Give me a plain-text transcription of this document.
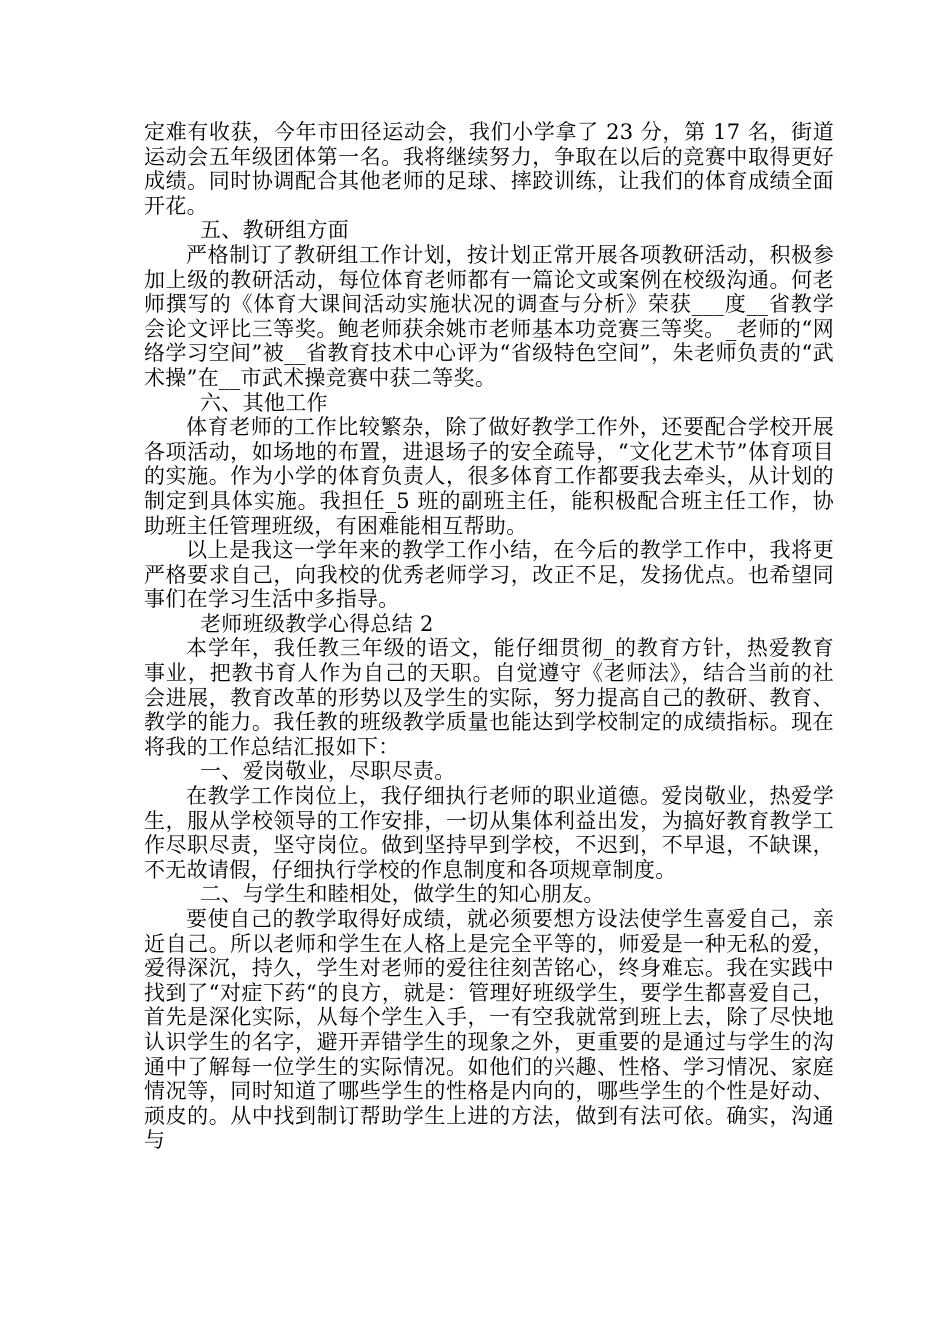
定难有收获，今年市田径运动会，我们小学拿了 23 分，第 17 名，街道运动会五年级团体第一名。我将继续努力，争取在以后的竞赛中取得更好成绩。同时协调配合其他老师的足球、摔跤训练，让我们的体育成绩全面开花。

五、教研组方面

严格制订了教研组工作计划，按计划正常开展各项教研活动，积极参加上级的教研活动，每位体育老师都有一篇论文或案例在校级沟通。何老师撰写的《体育大课间活动实施状况的调查与分析》荣获___度__省教学会论文评比三等奖。鲍老师获余姚市老师基本功竞赛三等奖。_老师的“网络学习空间”被__省教育技术中心评为“省级特色空间”，朱老师负责的“武术操”在__市武术操竞赛中获二等奖。

六、其他工作

体育老师的工作比较繁杂，除了做好教学工作外，还要配合学校开展各项活动，如场地的布置，进退场子的安全疏导，“文化艺术节”体育项目的实施。作为小学的体育负责人，很多体育工作都要我去牵头，从计划的制定到具体实施。我担任_5 班的副班主任，能积极配合班主任工作，协助班主任管理班级，有困难能相互帮助。

以上是我这一学年来的教学工作小结，在今后的教学工作中，我将更严格要求自己，向我校的优秀老师学习，改正不足，发扬优点。也希望同事们在学习生活中多指导。

老师班级教学心得总结 2

本学年，我任教三年级的语文，能仔细贯彻_的教育方针，热爱教育事业，把教书育人作为自己的天职。自觉遵守《老师法》，结合当前的社会进展，教育改革的形势以及学生的实际，努力提高自己的教研、教育、教学的能力。我任教的班级教学质量也能达到学校制定的成绩指标。现在将我的工作总结汇报如下：

一、爱岗敬业，尽职尽责。

在教学工作岗位上，我仔细执行老师的职业道德。爱岗敬业，热爱学生，服从学校领导的工作安排，一切从集体利益出发，为搞好教育教学工作尽职尽责，坚守岗位。做到坚持早到学校，不迟到，不早退，不缺课，不无故请假，仔细执行学校的作息制度和各项规章制度。

二、与学生和睦相处，做学生的知心朋友。

要使自己的教学取得好成绩，就必须要想方设法使学生喜爱自己，亲近自己。所以老师和学生在人格上是完全平等的，师爱是一种无私的爱，爱得深沉，持久，学生对老师的爱往往刻苦铭心，终身难忘。我在实践中找到了“对症下药“的良方，就是：管理好班级学生，要学生都喜爱自己，首先是深化实际，从每个学生入手，一有空我就常到班上去，除了尽快地认识学生的名字，避开弄错学生的现象之外，更重要的是通过与学生的沟通中了解每一位学生的实际情况。如他们的兴趣、性格、学习情况、家庭情况等，同时知道了哪些学生的性格是内向的，哪些学生的个性是好动、顽皮的。从中找到制订帮助学生上进的方法，做到有法可依。确实，沟通与
